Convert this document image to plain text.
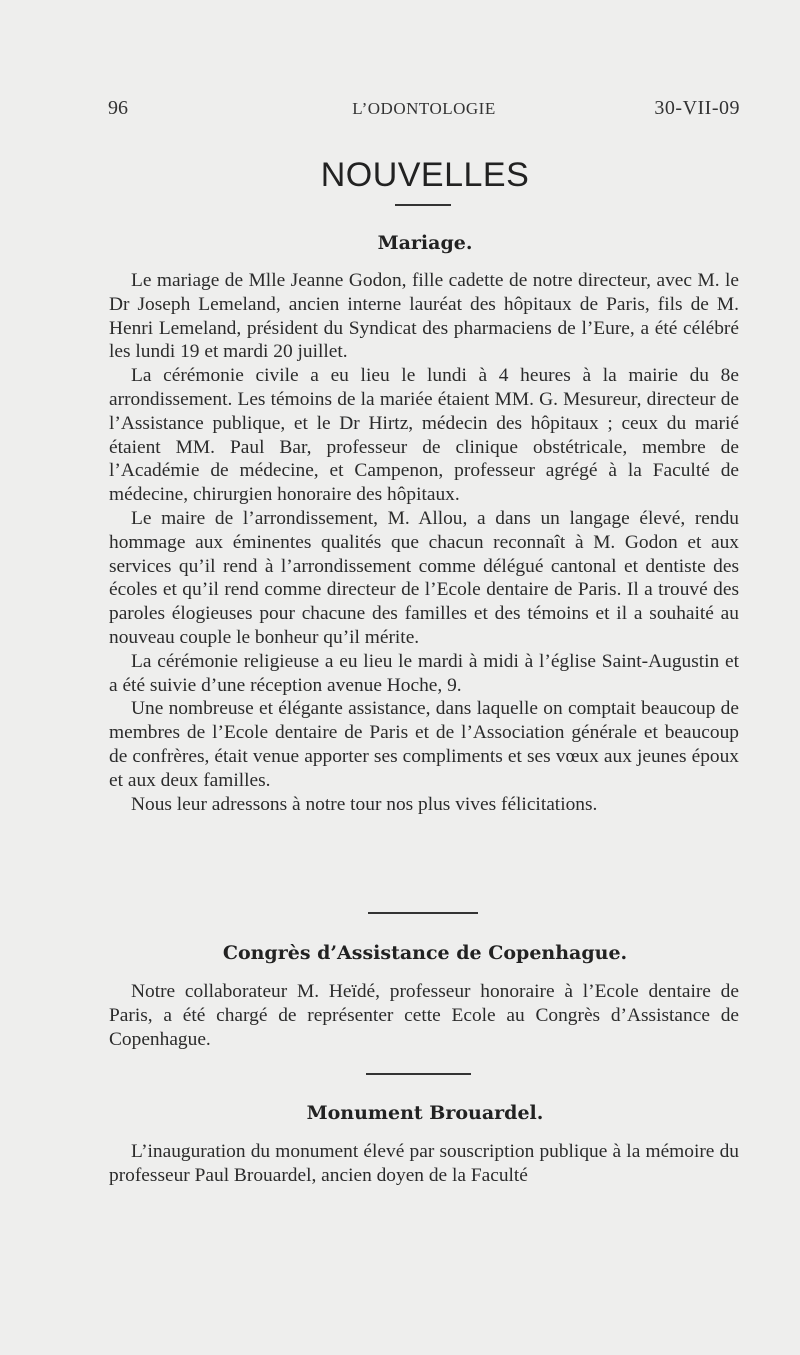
96	L’ODONTOLOGIE	30-VII-09
NOUVELLES
Mariage.

Le mariage de Mlle Jeanne Godon, fille cadette de notre directeur, avec M. le Dr Joseph Lemeland, ancien interne lauréat des hôpitaux de Paris, fils de M. Henri Lemeland, président du Syndicat des pharmaciens de l’Eure, a été célébré les lundi 19 et mardi 20 juillet.

La cérémonie civile a eu lieu le lundi à 4 heures à la mairie du 8e arrondissement. Les témoins de la mariée étaient MM. G. Mesureur, directeur de l’Assistance publique, et le Dr Hirtz, médecin des hôpitaux ; ceux du marié étaient MM. Paul Bar, professeur de clinique obstétricale, membre de l’Académie de médecine, et Campenon, professeur agrégé à la Faculté de médecine, chirurgien honoraire des hôpitaux.

Le maire de l’arrondissement, M. Allou, a dans un langage élevé, rendu hommage aux éminentes qualités que chacun reconnaît à M. Godon et aux services qu’il rend à l’arrondissement comme délégué cantonal et dentiste des écoles et qu’il rend comme directeur de l’Ecole dentaire de Paris. Il a trouvé des paroles élogieuses pour chacune des familles et des témoins et il a souhaité au nouveau couple le bonheur qu’il mérite.

La cérémonie religieuse a eu lieu le mardi à midi à l’église Saint-Augustin et a été suivie d’une réception avenue Hoche, 9.

Une nombreuse et élégante assistance, dans laquelle on comptait beaucoup de membres de l’Ecole dentaire de Paris et de l’Association générale et beaucoup de confrères, était venue apporter ses compliments et ses vœux aux jeunes époux et aux deux familles.

Nous leur adressons à notre tour nos plus vives félicitations.

Congrès d’Assistance de Copenhague.

Notre collaborateur M. Heïdé, professeur honoraire à l’Ecole dentaire de Paris, a été chargé de représenter cette Ecole au Congrès d’Assistance de Copenhague.

Monument Brouardel.

L’inauguration du monument élevé par souscription publique à la mémoire du professeur Paul Brouardel, ancien doyen de la Faculté
